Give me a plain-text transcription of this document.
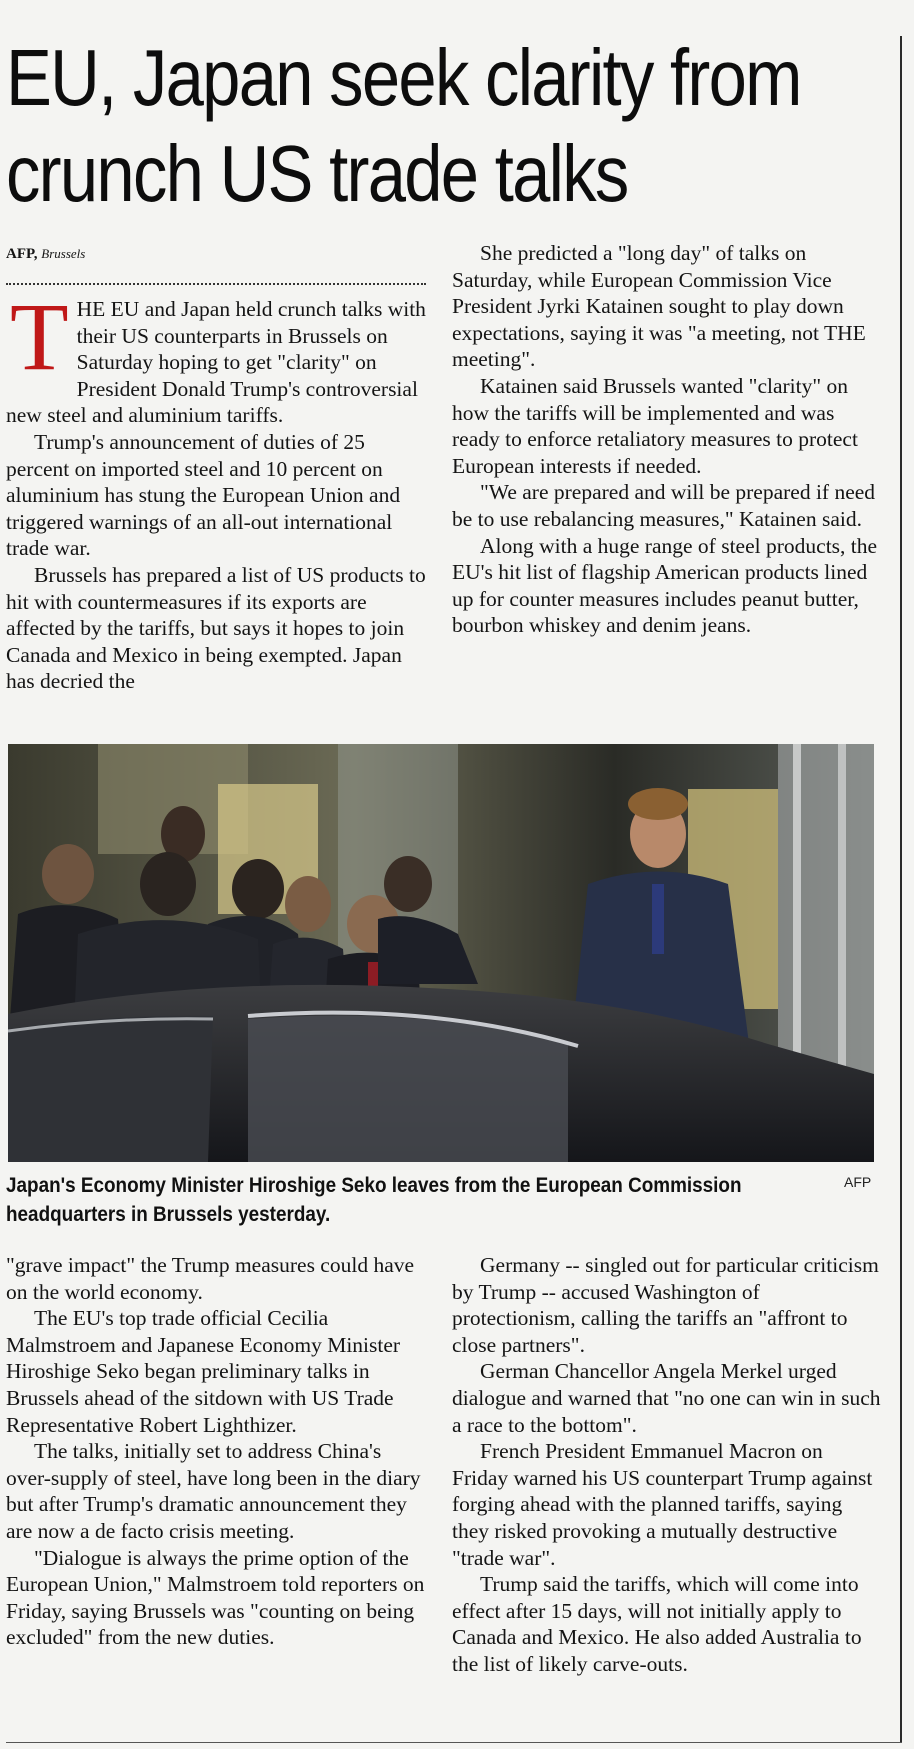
EU, Japan seek clarity from crunch US trade talks
AFP, Brussels

THE EU and Japan held crunch talks with their US counterparts in Brussels on Saturday hoping to get "clarity" on President Donald Trump's controversial new steel and aluminium tariffs.

Trump's announcement of duties of 25 percent on imported steel and 10 percent on aluminium has stung the European Union and triggered warnings of an all-out international trade war.

Brussels has prepared a list of US products to hit with countermeasures if its exports are affected by the tariffs, but says it hopes to join Canada and Mexico in being exempted. Japan has decried the

She predicted a "long day" of talks on Saturday, while European Commission Vice President Jyrki Katainen sought to play down expectations, saying it was "a meeting, not THE meeting".

Katainen said Brussels wanted "clarity" on how the tariffs will be implemented and was ready to enforce retaliatory measures to protect European interests if needed.

"We are prepared and will be prepared if need be to use rebalancing measures," Katainen said.

Along with a huge range of steel products, the EU's hit list of flagship American products lined up for counter measures includes peanut butter, bourbon whiskey and denim jeans.

Japan's Economy Minister Hiroshige Seko leaves from the European Commission headquarters in Brussels yesterday.
AFP

"grave impact" the Trump measures could have on the world economy.

The EU's top trade official Cecilia Malmstroem and Japanese Economy Minister Hiroshige Seko began preliminary talks in Brussels ahead of the sitdown with US Trade Representative Robert Lighthizer.

The talks, initially set to address China's over-supply of steel, have long been in the diary but after Trump's dramatic announcement they are now a de facto crisis meeting.

"Dialogue is always the prime option of the European Union," Malmstroem told reporters on Friday, saying Brussels was "counting on being excluded" from the new duties.

Germany -- singled out for particular criticism by Trump -- accused Washington of protectionism, calling the tariffs an "affront to close partners".

German Chancellor Angela Merkel urged dialogue and warned that "no one can win in such a race to the bottom".

French President Emmanuel Macron on Friday warned his US counterpart Trump against forging ahead with the planned tariffs, saying they risked provoking a mutually destructive "trade war".

Trump said the tariffs, which will come into effect after 15 days, will not initially apply to Canada and Mexico. He also added Australia to the list of likely carve-outs.
